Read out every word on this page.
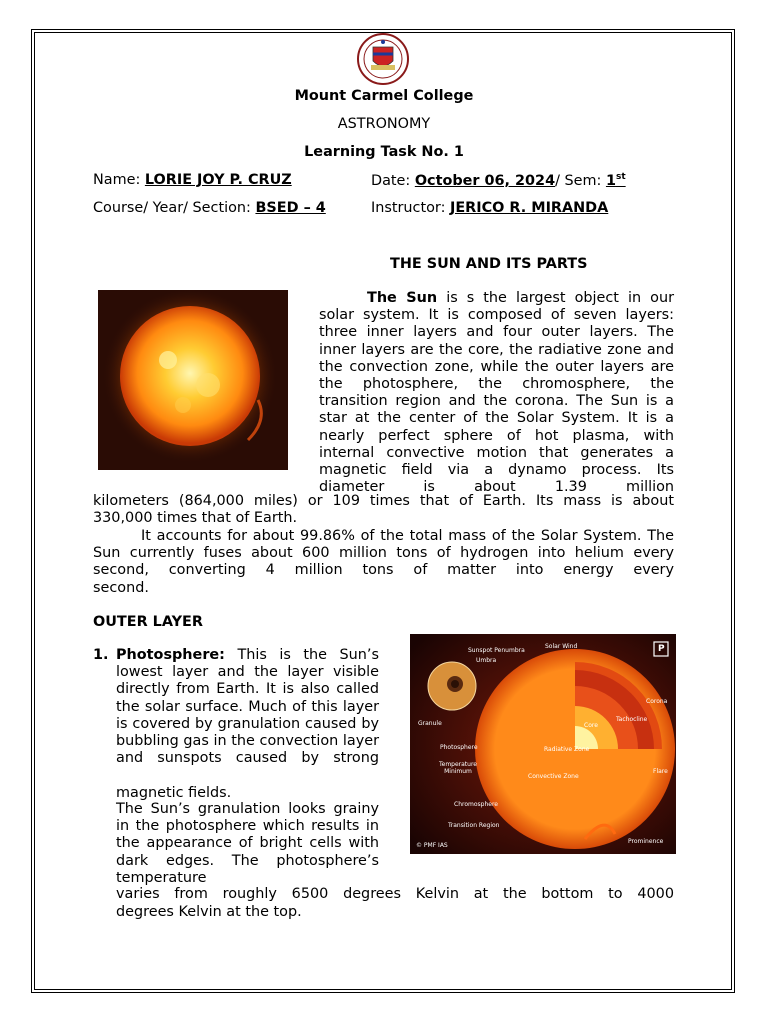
Mount Carmel College
ASTRONOMY
Learning Task No. 1
Name: LORIE JOY P. CRUZ	Date: October 06, 2024/ Sem: 1st
Course/ Year/ Section: BSED – 4	Instructor: JERICO R. MIRANDA
THE SUN AND ITS PARTS
The Sun is s the largest object in our solar system. It is composed of seven layers: three inner layers and four outer layers. The inner layers are the core, the radiative zone and the convection zone, while the outer layers are the photosphere, the chromosphere, the transition region and the corona. The Sun is a star at the center of the Solar System. It is a nearly perfect sphere of hot plasma, with internal convective motion that generates a magnetic field via a dynamo process. Its diameter is about 1.39 million
kilometers (864,000 miles) or 109 times that of Earth. Its mass is about
330,000 times that of Earth.
It accounts for about 99.86% of the total mass of the Solar System. The Sun currently fuses about 600 million tons of hydrogen into helium every second, converting 4 million tons of matter into energy every
second.
OUTER LAYER
1. Photosphere: This is the Sun’s lowest layer and the layer visible directly from Earth. It is also called the solar surface. Much of this layer is covered by granulation caused by bubbling gas in the convection layer and sunspots caused by strong
magnetic fields.
The Sun’s granulation looks grainy in the photosphere which results in the appearance of bright cells with dark edges. The photosphere’s temperature
varies from roughly 6500 degrees Kelvin at the bottom to 4000
degrees Kelvin at the top.
Sunspot Penumbra
Umbra
Solar Wind	P
Corona
Tachocline
Core
Granule
Photosphere	Radiative Zone
Temperature Minimum
Convective Zone
Flare
Chromosphere
Transition Region
Prominence
© PMF IAS
